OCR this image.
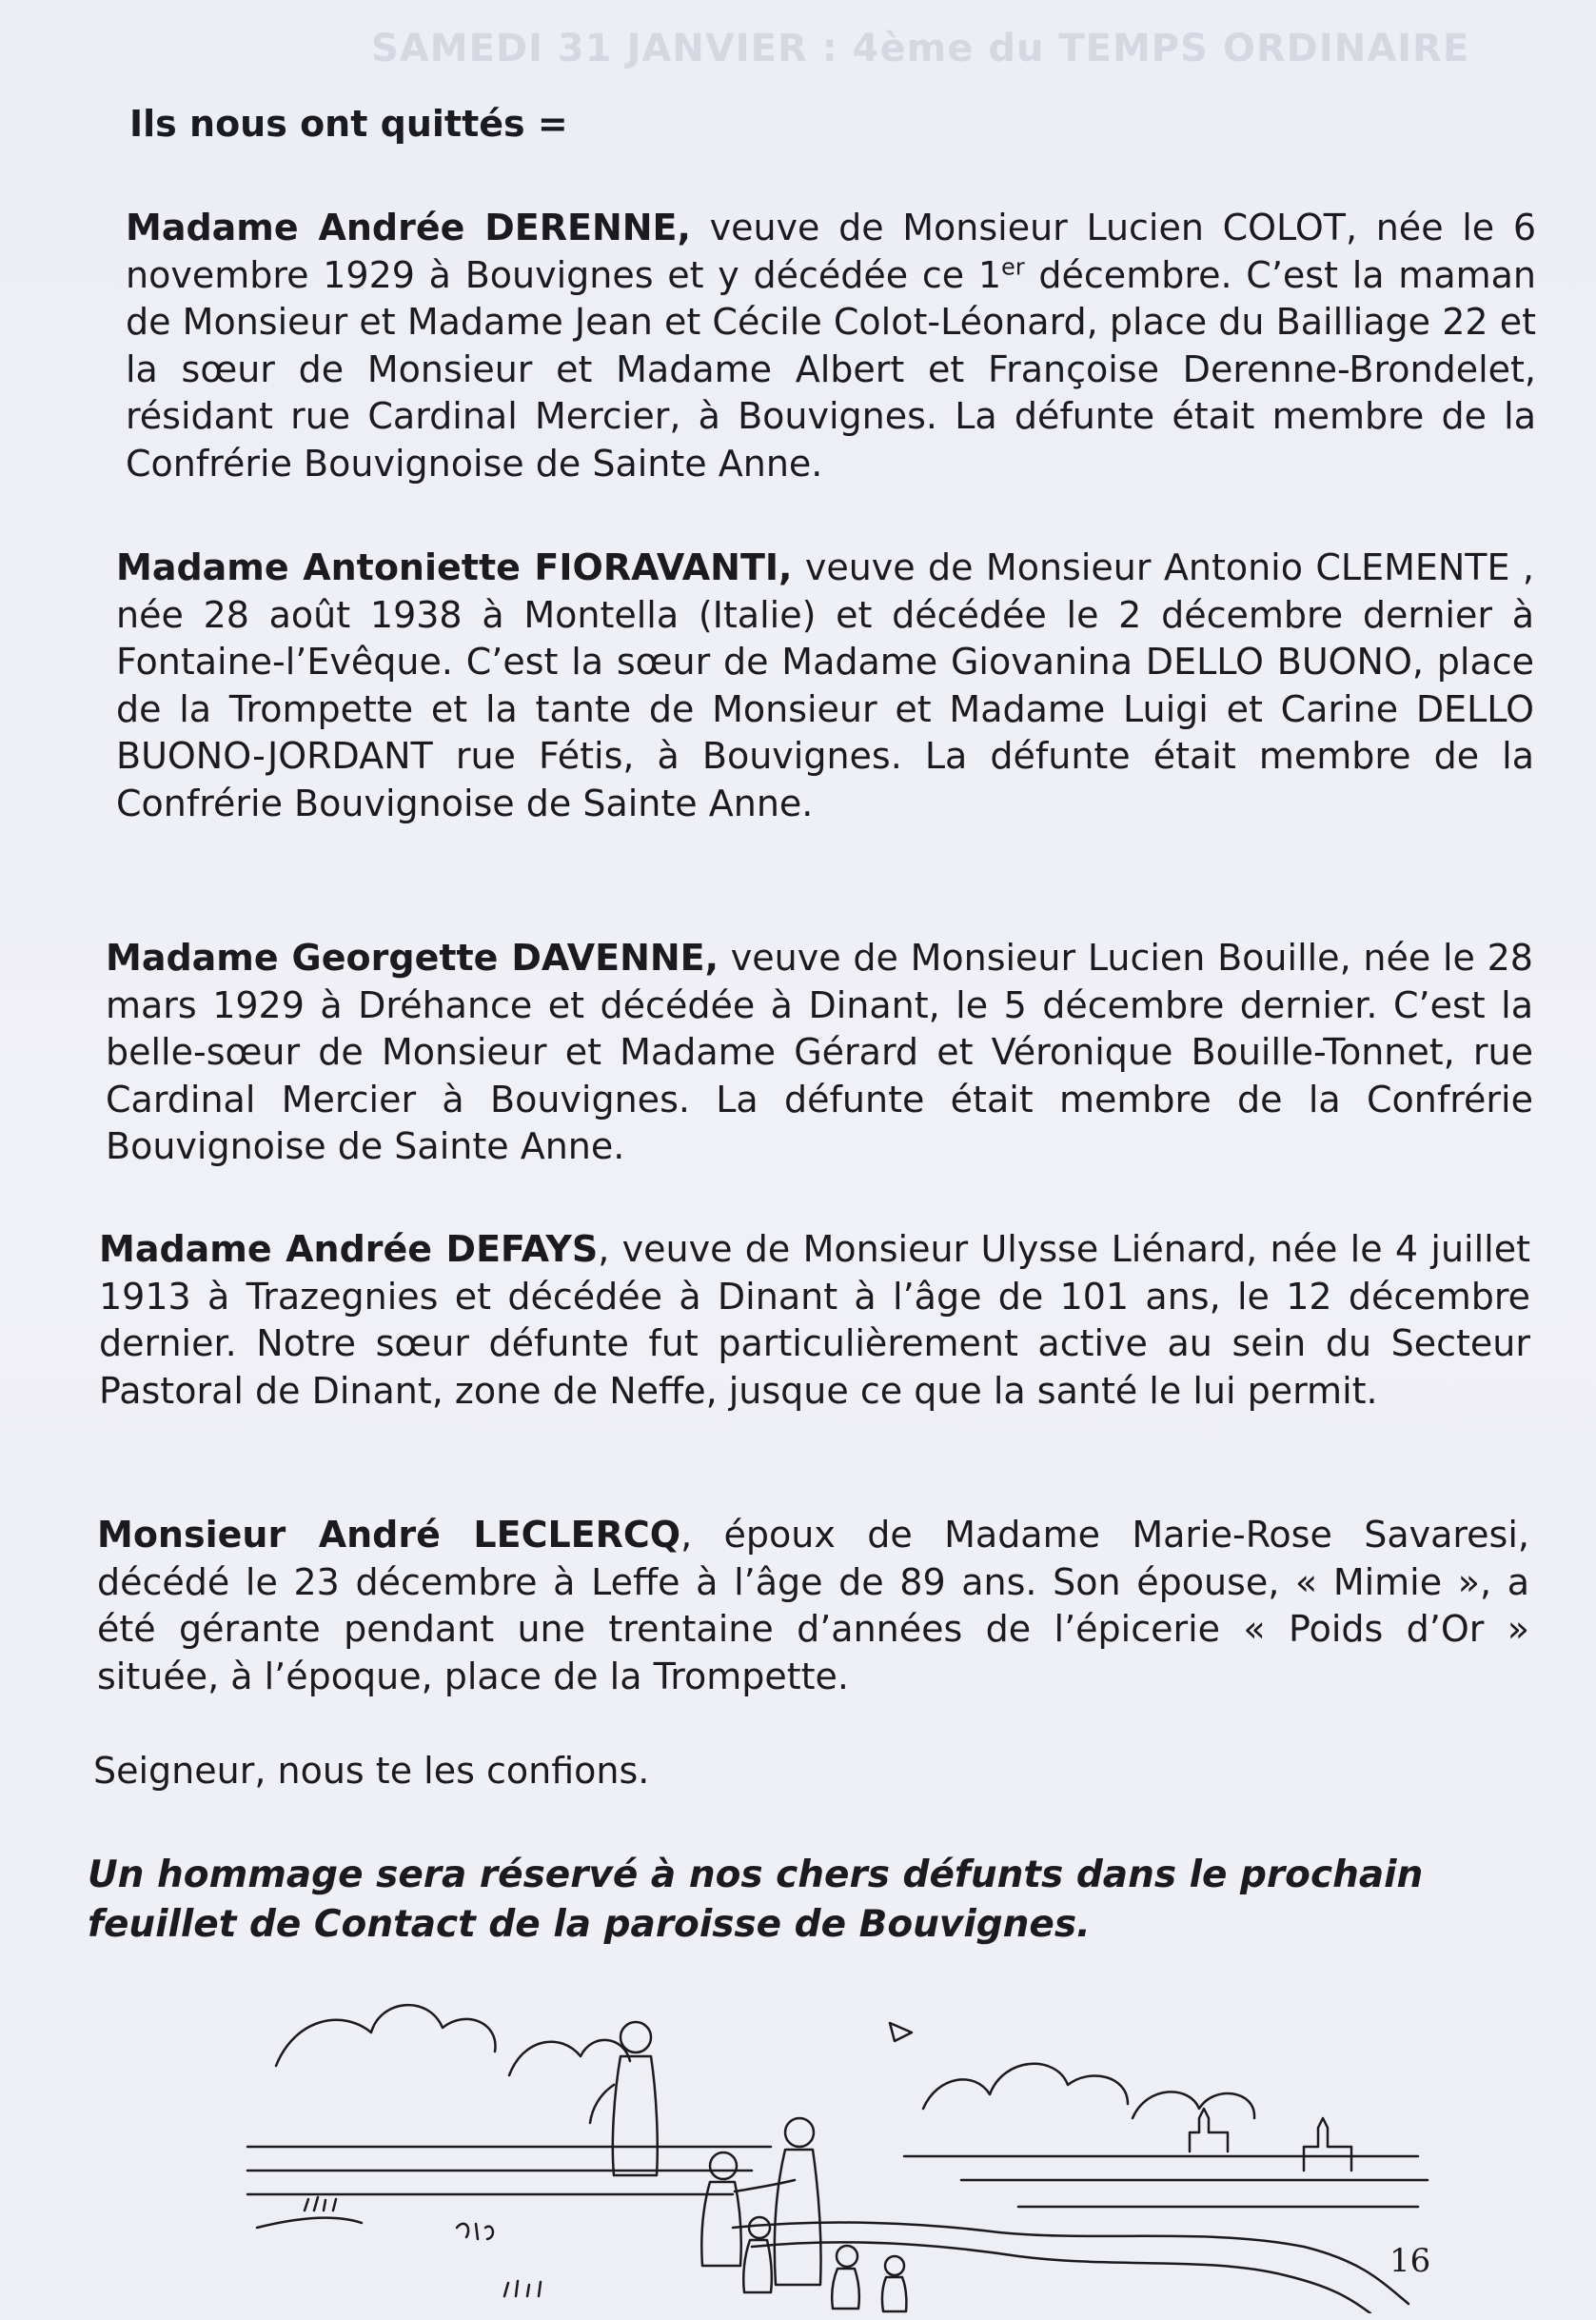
SAMEDI 31 JANVIER : 4ème du TEMPS ORDINAIRE
Ils nous ont quittés =

Madame Andrée DERENNE, veuve de Monsieur Lucien COLOT, née le 6 novembre 1929 à Bouvignes et y décédée ce 1er décembre. C’est la maman de Monsieur et Madame Jean et Cécile Colot-Léonard, place du Bailliage 22 et la sœur de Monsieur et Madame Albert et Françoise Derenne-Brondelet, résidant rue Cardinal Mercier, à Bouvignes. La défunte était membre de la Confrérie Bouvignoise de Sainte Anne.

Madame Antoniette FIORAVANTI, veuve de Monsieur Antonio CLEMENTE , née 28 août 1938 à Montella (Italie) et décédée le 2 décembre dernier à Fontaine-l’Evêque. C’est la sœur de Madame Giovanina DELLO BUONO, place de la Trompette et la tante de Monsieur et Madame Luigi et Carine DELLO BUONO-JORDANT rue Fétis, à Bouvignes. La défunte était membre de la Confrérie Bouvignoise de Sainte Anne.

Madame Georgette DAVENNE, veuve de Monsieur Lucien Bouille, née le 28 mars 1929 à Dréhance et décédée à Dinant, le 5 décembre dernier. C’est la belle-sœur de Monsieur et Madame Gérard et Véronique Bouille-Tonnet, rue Cardinal Mercier à Bouvignes. La défunte était membre de la Confrérie Bouvignoise de Sainte Anne.

Madame Andrée DEFAYS, veuve de Monsieur Ulysse Liénard, née le 4 juillet 1913 à Trazegnies et décédée à Dinant à l’âge de 101 ans, le 12 décembre dernier. Notre sœur défunte fut particulièrement active au sein du Secteur Pastoral de Dinant, zone de Neffe, jusque ce que la santé le lui permit.

Monsieur André LECLERCQ, époux de Madame Marie-Rose Savaresi, décédé le 23 décembre à Leffe à l’âge de 89 ans. Son épouse, « Mimie », a été gérante pendant une trentaine d’années de l’épicerie « Poids d’Or » située, à l’époque, place de la Trompette.

Seigneur, nous te les confions.

Un hommage sera réservé à nos chers défunts dans le prochain feuillet de Contact de la paroisse de Bouvignes.

16
